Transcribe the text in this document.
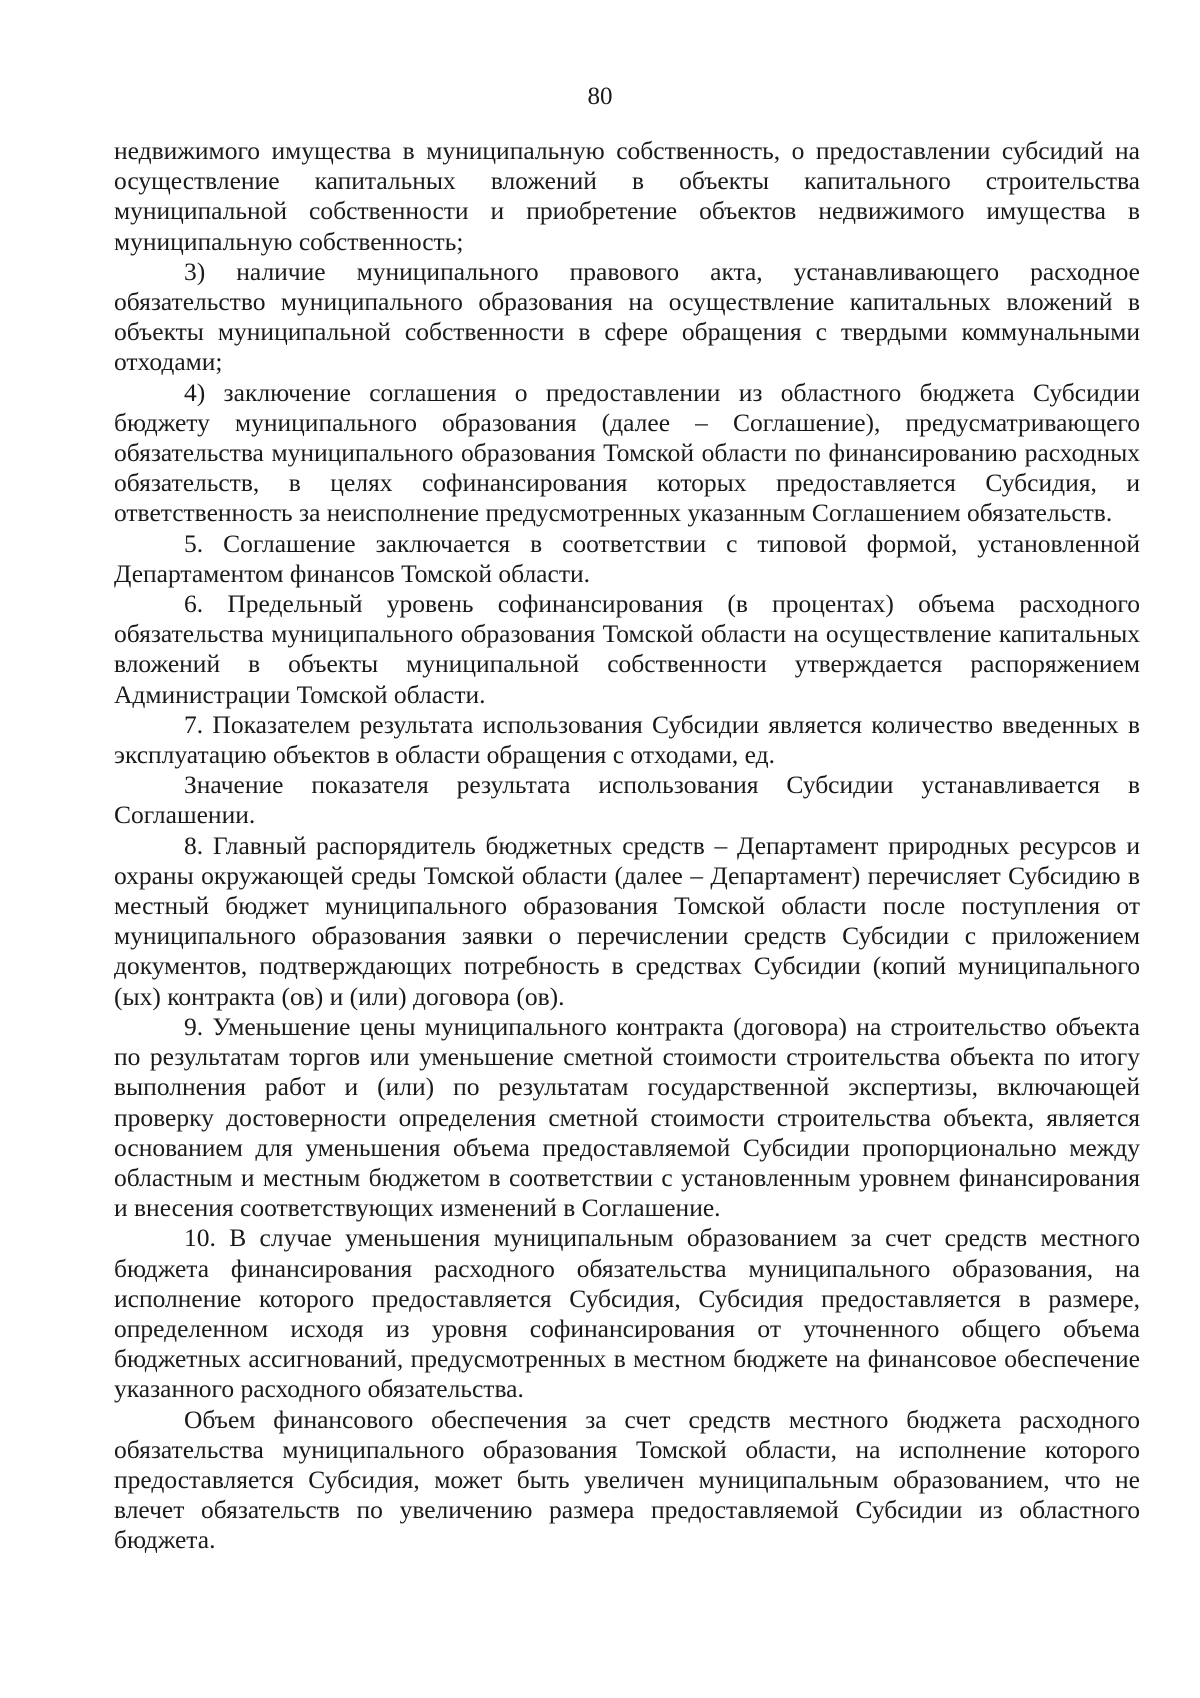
80

недвижимого имущества в муниципальную собственность, о предоставлении субсидий на осуществление капитальных вложений в объекты капитального строительства муниципальной собственности и приобретение объектов недвижимого имущества в муниципальную собственность;

3) наличие муниципального правового акта, устанавливающего расходное обязательство муниципального образования на осуществление капитальных вложений в объекты муниципальной собственности в сфере обращения с твердыми коммунальными отходами;

4) заключение соглашения о предоставлении из областного бюджета Субсидии бюджету муниципального образования (далее – Соглашение), предусматривающего обязательства муниципального образования Томской области по финансированию расходных обязательств, в целях софинансирования которых предоставляется Субсидия, и ответственность за неисполнение предусмотренных указанным Соглашением обязательств.

5. Соглашение заключается в соответствии с типовой формой, установленной Департаментом финансов Томской области.

6. Предельный уровень софинансирования (в процентах) объема расходного обязательства муниципального образования Томской области на осуществление капитальных вложений в объекты муниципальной собственности утверждается распоряжением Администрации Томской области.

7. Показателем результата использования Субсидии является количество введенных в эксплуатацию объектов в области обращения с отходами, ед.

Значение показателя результата использования Субсидии устанавливается в Соглашении.

8. Главный распорядитель бюджетных средств – Департамент природных ресурсов и охраны окружающей среды Томской области (далее – Департамент) перечисляет Субсидию в местный бюджет муниципального образования Томской области после поступления от муниципального образования заявки о перечислении средств Субсидии с приложением документов, подтверждающих потребность в средствах Субсидии (копий муниципального (ых) контракта (ов) и (или) договора (ов).

9. Уменьшение цены муниципального контракта (договора) на строительство объекта по результатам торгов или уменьшение сметной стоимости строительства объекта по итогу выполнения работ и (или) по результатам государственной экспертизы, включающей проверку достоверности определения сметной стоимости строительства объекта, является основанием для уменьшения объема предоставляемой Субсидии пропорционально между областным и местным бюджетом в соответствии с установленным уровнем финансирования и внесения соответствующих изменений в Соглашение.

10. В случае уменьшения муниципальным образованием за счет средств местного бюджета финансирования расходного обязательства муниципального образования, на исполнение которого предоставляется Субсидия, Субсидия предоставляется в размере, определенном исходя из уровня софинансирования от уточненного общего объема бюджетных ассигнований, предусмотренных в местном бюджете на финансовое обеспечение указанного расходного обязательства.

Объем финансового обеспечения за счет средств местного бюджета расходного обязательства муниципального образования Томской области, на исполнение которого предоставляется Субсидия, может быть увеличен муниципальным образованием, что не влечет обязательств по увеличению размера предоставляемой Субсидии из областного бюджета.
